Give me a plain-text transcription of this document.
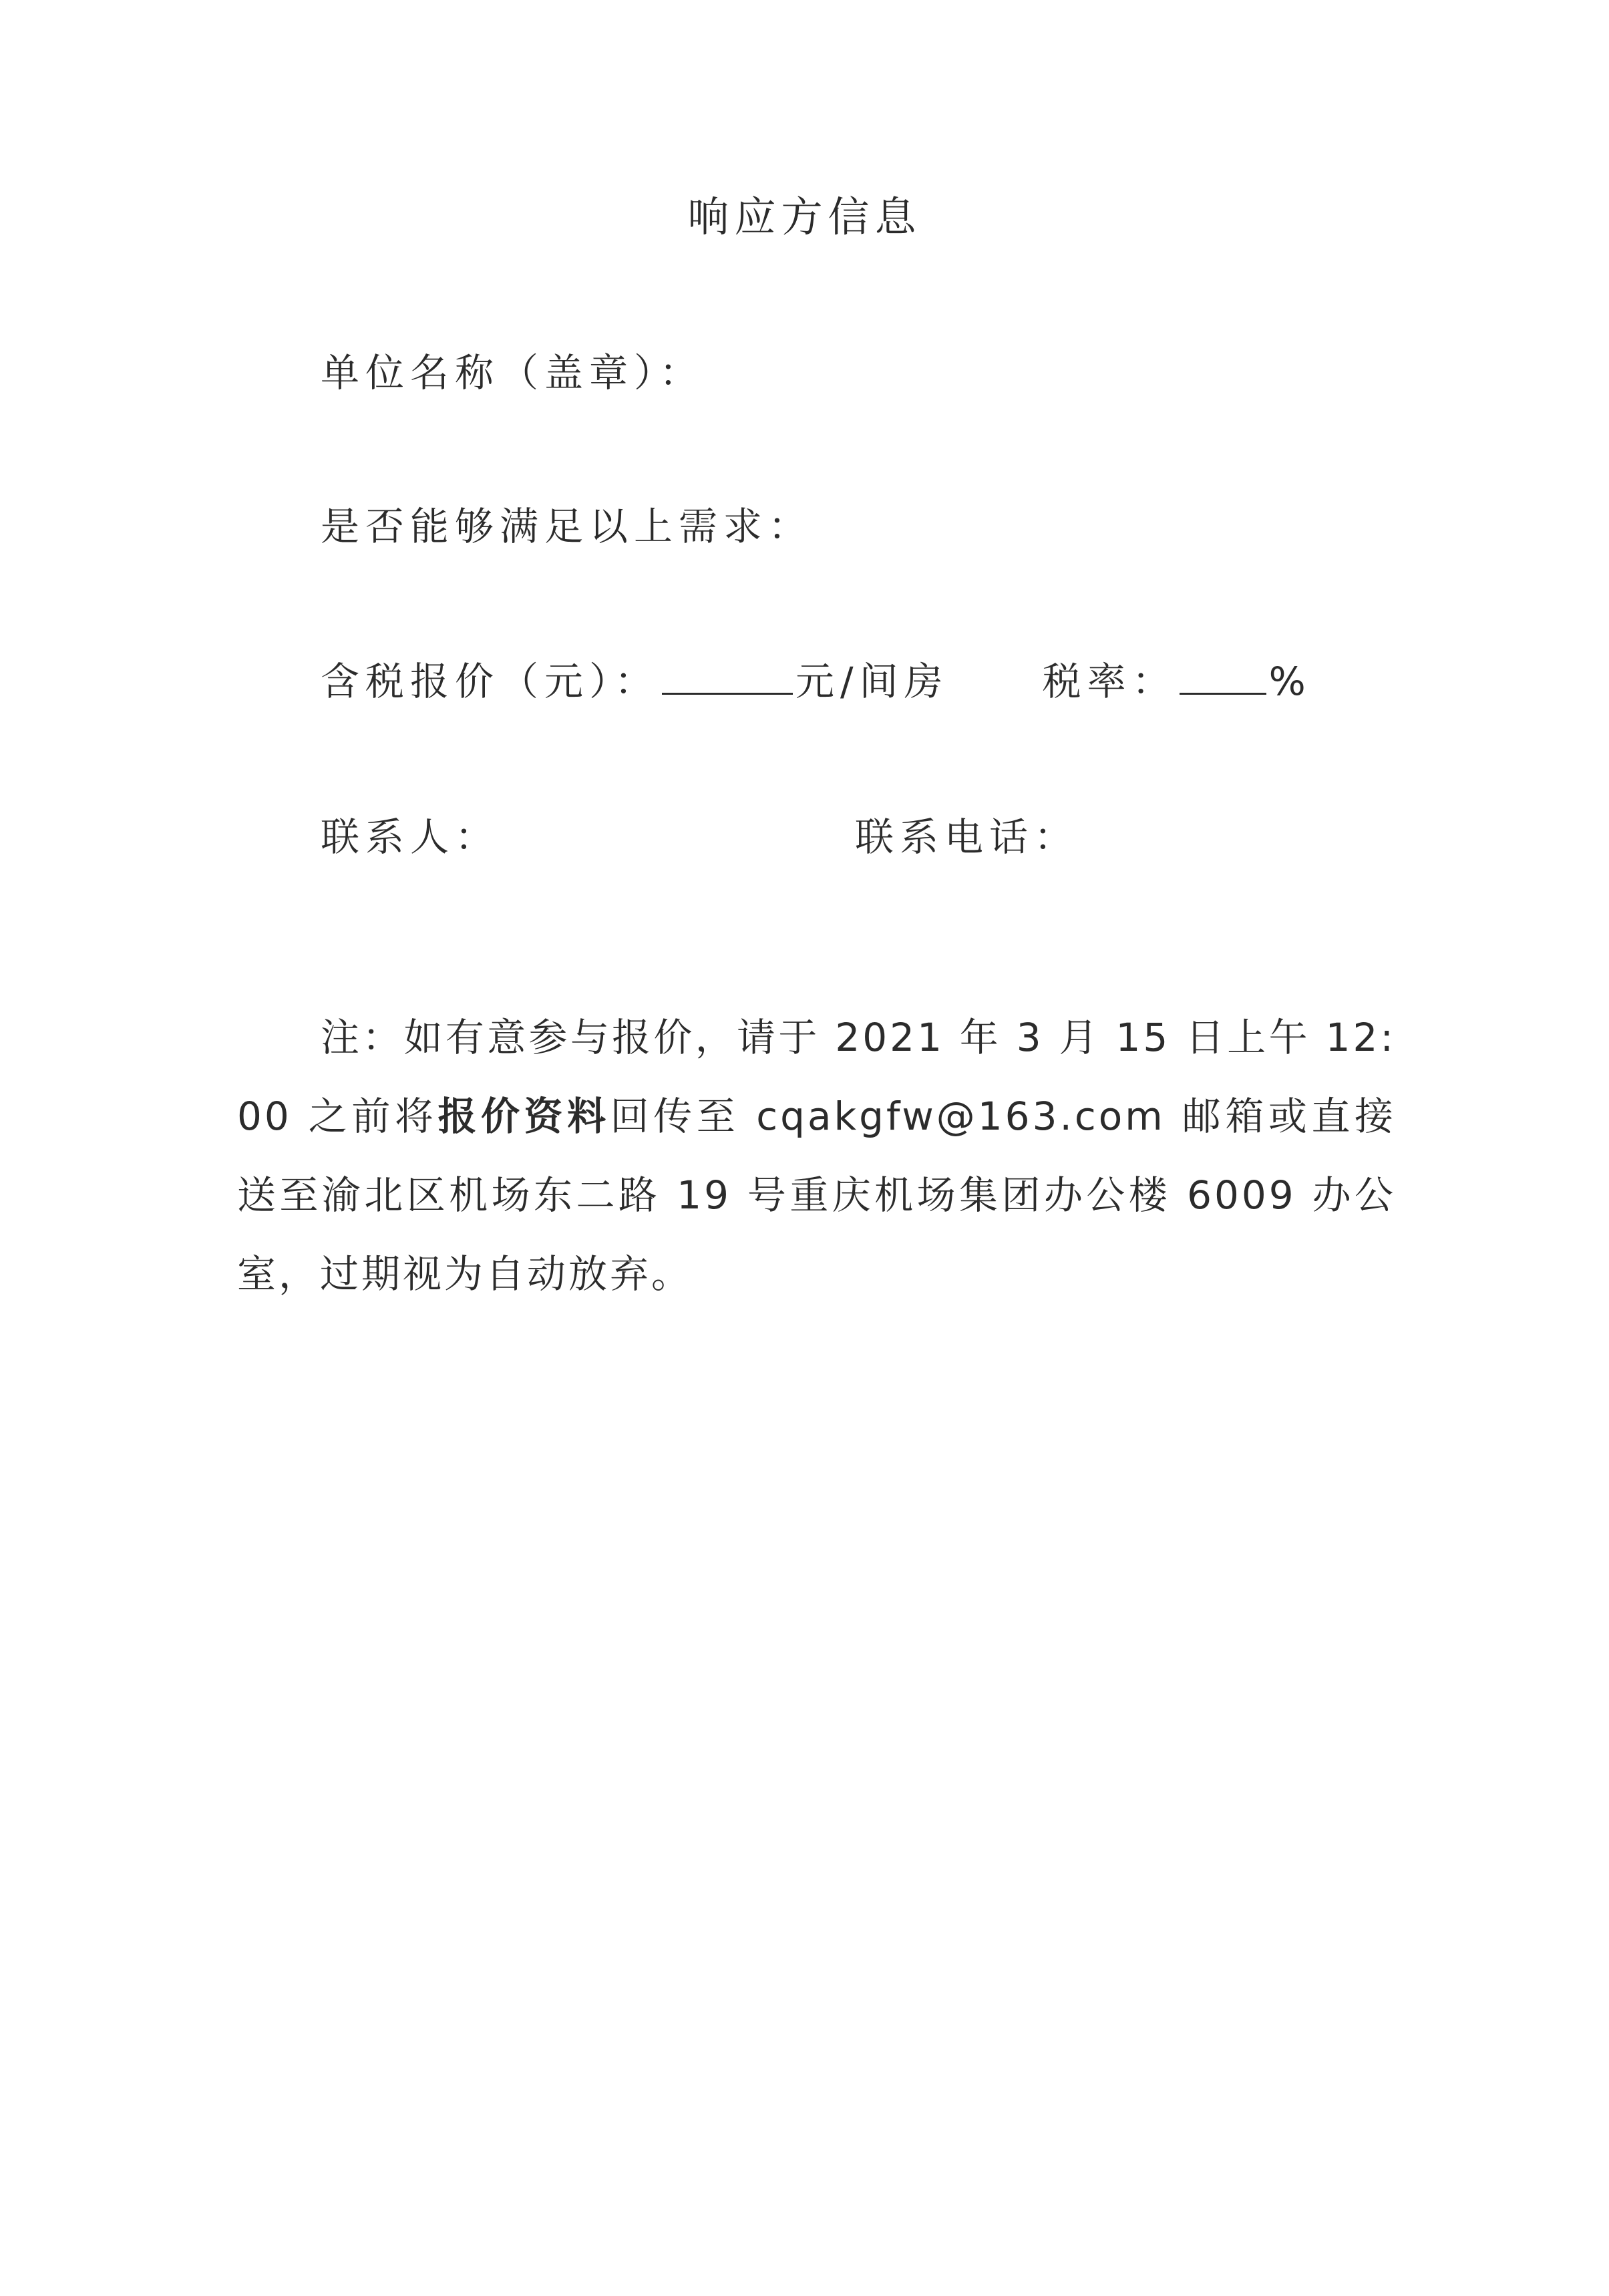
响应方信息
单位名称（盖章）：
是否能够满足以上需求：
含税报价（元）：	元/间房 税率： %
联系人：	联系电话：

注：如有意参与报价，请于 2021 年 3 月 15 日上午 12:00 之前将报价资料回传至 cqakgfw@163.com 邮箱或直接送至渝北区机场东二路 19 号重庆机场集团办公楼 6009 办公室，过期视为自动放弃。
